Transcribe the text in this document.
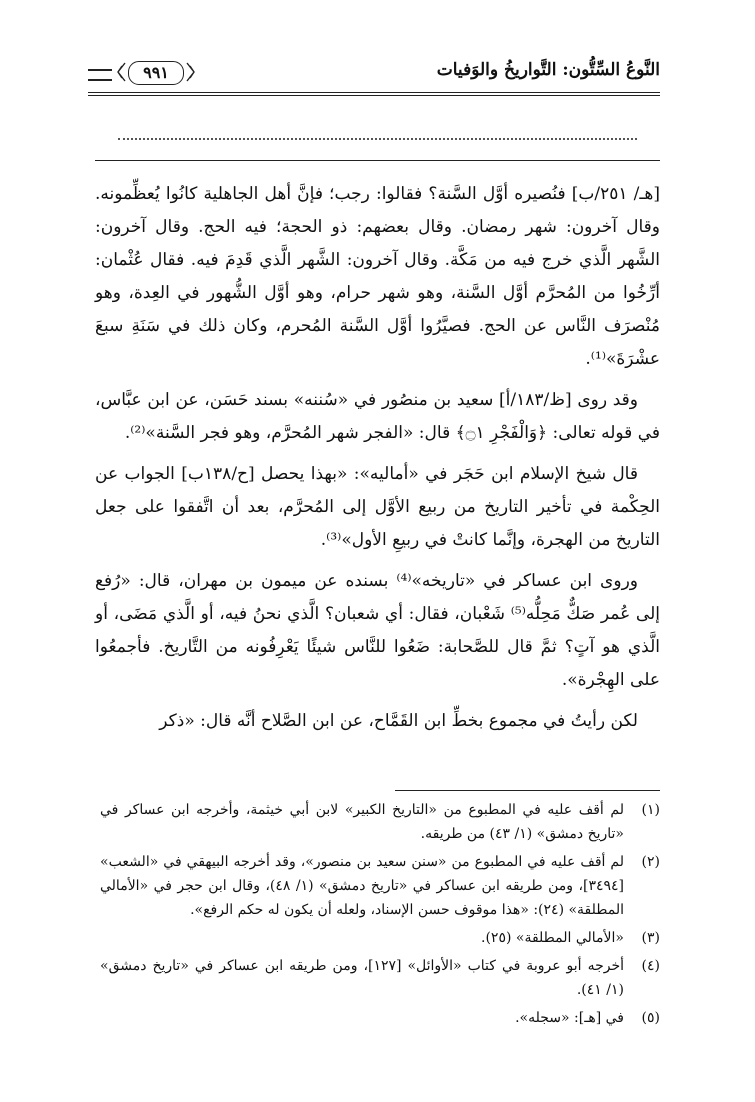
النَّوعُ السِّتُّون: التَّواريخُ والوَفيات
٩٩١

[هـ/ ٢٥١/ب] فنُصيره أوَّل السَّنة؟ فقالوا: رجب؛ فإنَّ أهل الجاهلية كانُوا يُعظِّمونه. وقال آخرون: شهر رمضان. وقال بعضهم: ذو الحجة؛ فيه الحج. وقال آخرون: الشَّهر الَّذي خرج فيه من مَكَّة. وقال آخرون: الشَّهر الَّذي قَدِمَ فيه. فقال عُثْمان: أرِّخُوا من المُحرَّم أوَّل السَّنة، وهو شهر حرام، وهو أوَّل الشُّهور في العِدة، وهو مُنْصرَف النَّاس عن الحج. فصيَّرُوا أوَّل السَّنة المُحرم، وكان ذلك في سَنَةِ سبعَ عشْرَةَ»⁽¹⁾.

وقد روى [ظ/١٨٣/أ] سعيد بن منصُور في «سُننه» بسند حَسَن، عن ابن عبَّاس، في قوله تعالى: ﴿وَالْفَجْرِ ۝١﴾ قال: «الفجر شهر المُحرَّم، وهو فجر السَّنة»⁽²⁾.

قال شيخ الإسلام ابن حَجَر في «أماليه»: «بهذا يحصل [ح/١٣٨ب] الجواب عن الحِكْمة في تأخير التاريخ من ربيع الأوَّل إلى المُحرَّم، بعد أن اتَّفقوا على جعل التاريخ من الهجرة، وإنَّما كانتْ في ربيعِ الأول»⁽³⁾.

وروى ابن عساكر في «تاريخه»⁽⁴⁾ بسنده عن ميمون بن مهران، قال: «رُفع إلى عُمر صَكٌّ مَحِلُّه⁽⁵⁾ شَعْبان، فقال: أي شعبان؟ الَّذي نحنُ فيه، أو الَّذي مَضَى، أو الَّذي هو آتٍ؟ ثمَّ قال للصَّحابة: ضَعُوا للنَّاس شيئًا يَعْرِفُونه من التَّاريخ. فأجمعُوا على الهِجْرة».

لكن رأيتُ في مجموع بخطِّ ابن القَمَّاح، عن ابن الصَّلاح أنَّه قال: «ذكر

(١)
لم أقف عليه في المطبوع من «التاريخ الكبير» لابن أبي خيثمة، وأخرجه ابن عساكر في «تاريخ دمشق» (١/ ٤٣) من طريقه.
(٢)
لم أقف عليه في المطبوع من «سنن سعيد بن منصور»، وقد أخرجه البيهقي في «الشعب» [٣٤٩٤]، ومن طريقه ابن عساكر في «تاريخ دمشق» (١/ ٤٨)، وقال ابن حجر في «الأمالي المطلقة» (٢٤): «هذا موقوف حسن الإسناد، ولعله أن يكون له حكم الرفع».
(٣)
«الأمالي المطلقة» (٢٥).
(٤)
أخرجه أبو عروبة في كتاب «الأوائل» [١٢٧]، ومن طريقه ابن عساكر في «تاريخ دمشق» (١/ ٤١).
(٥)
في [هـ]: «سجله».
